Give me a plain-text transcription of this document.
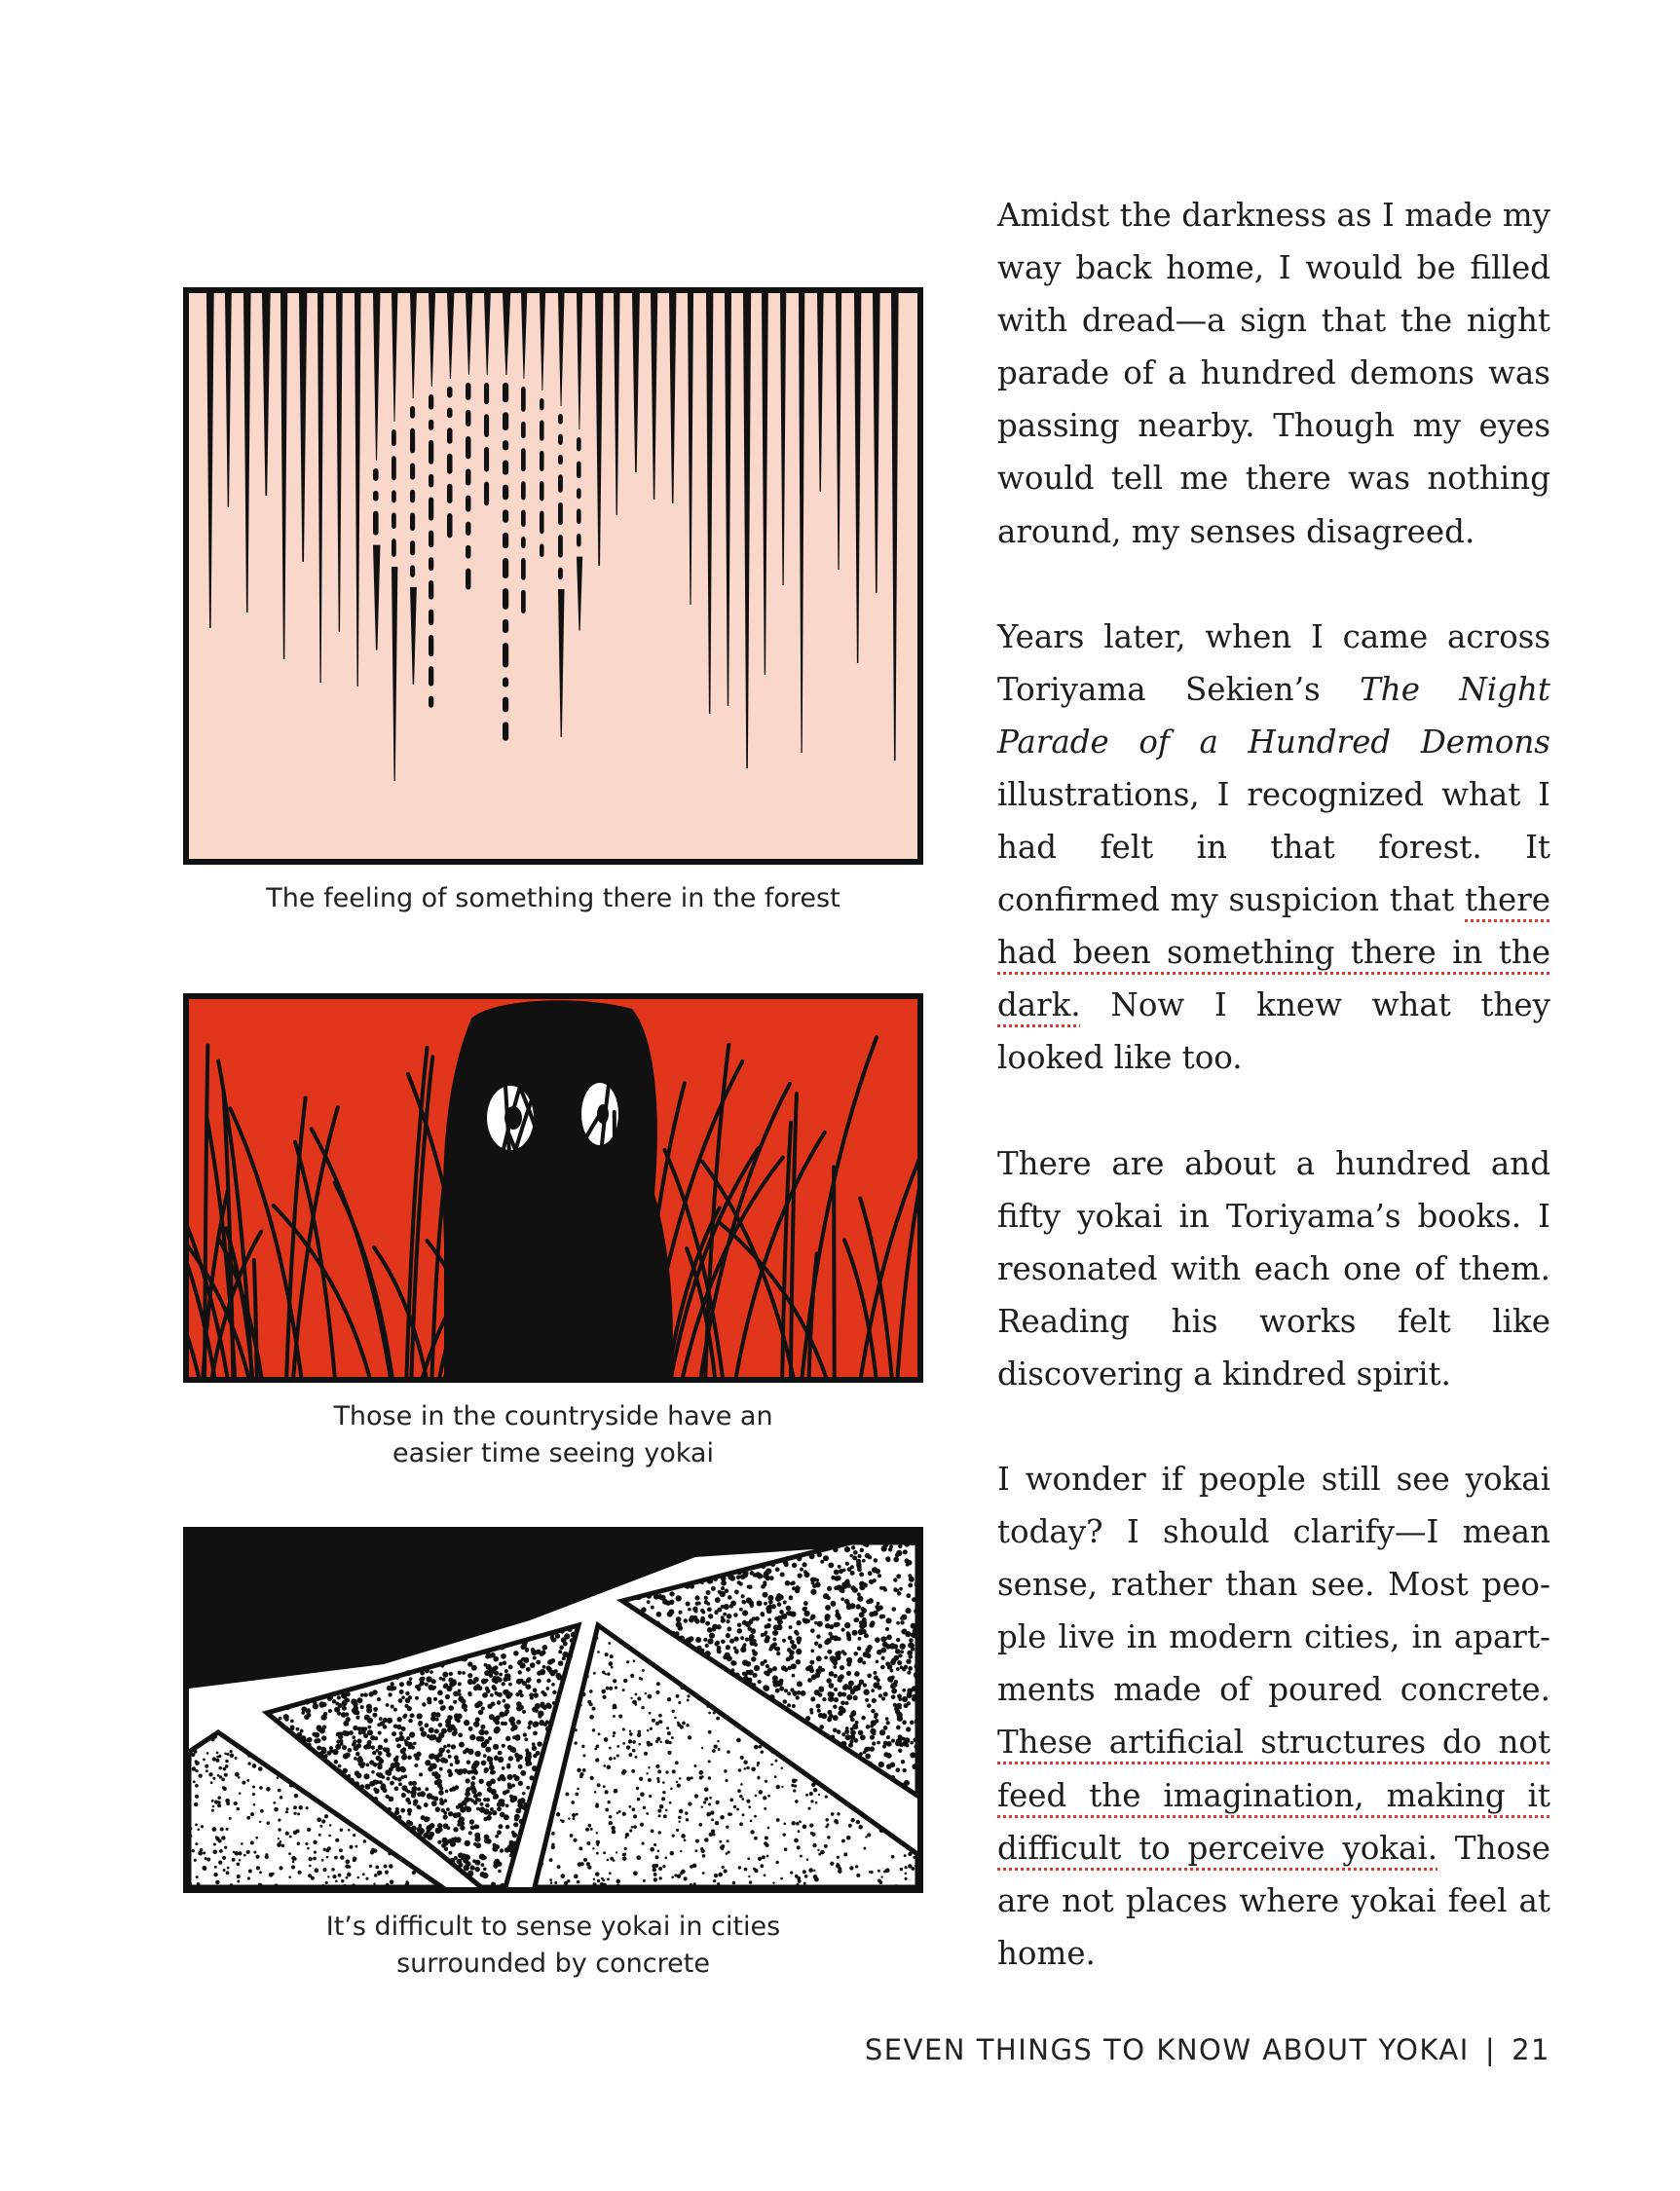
The feeling of something there in the forest
Those in the countryside have an
easier time seeing yokai
It’s difficult to sense yokai in cities
surrounded by concrete

Amidst the darkness as I made my way back home, I would be filled with dread—a sign that the night parade of a hundred demons was passing nearby. Though my eyes would tell me there was nothing around, my senses disagreed.

Years later, when I came across Toriyama Sekien’s The Night Parade of a Hundred Demons illustrations, I recognized what I had felt in that forest. It confirmed my suspicion that there had been something there in the dark. Now I knew what they looked like too.

There are about a hundred and fifty yokai in Toriyama’s books. I resonated with each one of them. Reading his works felt like discovering a kindred spirit.

I wonder if people still see yokai today? I should clarify—I mean sense, rather than see. Most people live in modern cities, in apartments made of poured concrete. These artificial structures do not feed the imagination, making it difficult to perceive yokai. Those are not places where yokai feel at home.

SEVEN THINGS TO KNOW ABOUT YOKAI | 21
